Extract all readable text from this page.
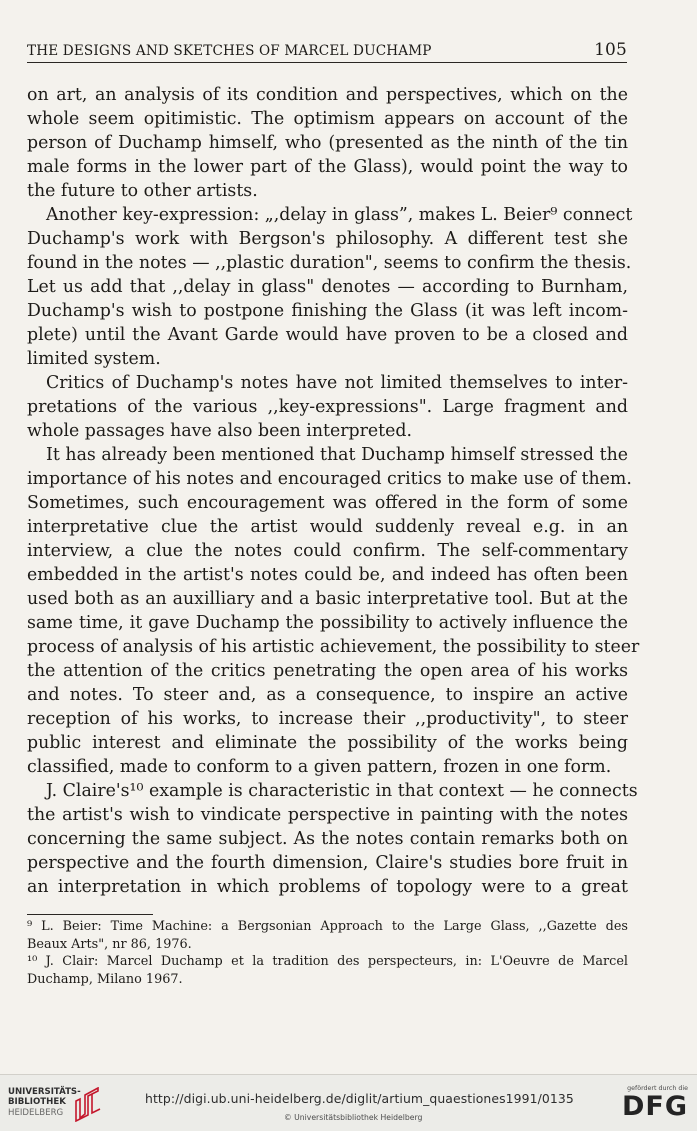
THE DESIGNS AND SKETCHES OF MARCEL DUCHAMP	105
on art, an analysis of its condition and perspectives, which on the
whole seem opitimistic. The optimism appears on account of the
person of Duchamp himself, who (presented as the ninth of the tin
male forms in the lower part of the Glass), would point the way to
the future to other artists.
Another key-expression: „,delay in glass”, makes L. Beier⁹ connect
Duchamp's work with Bergson's philosophy. A different test she
found in the notes — ,,plastic duration", seems to confirm the thesis.
Let us add that ,,delay in glass" denotes — according to Burnham,
Duchamp's wish to postpone finishing the Glass (it was left incom-
plete) until the Avant Garde would have proven to be a closed and
limited system.
Critics of Duchamp's notes have not limited themselves to inter-
pretations of the various ,,key-expressions". Large fragment and
whole passages have also been interpreted.
It has already been mentioned that Duchamp himself stressed the
importance of his notes and encouraged critics to make use of them.
Sometimes, such encouragement was offered in the form of some
interpretative clue the artist would suddenly reveal e.g. in an
interview, a clue the notes could confirm. The self-commentary
embedded in the artist's notes could be, and indeed has often been
used both as an auxilliary and a basic interpretative tool. But at the
same time, it gave Duchamp the possibility to actively influence the
process of analysis of his artistic achievement, the possibility to steer
the attention of the critics penetrating the open area of his works
and notes. To steer and, as a consequence, to inspire an active
reception of his works, to increase their ,,productivity", to steer
public interest and eliminate the possibility of the works being
classified, made to conform to a given pattern, frozen in one form.
J. Claire's¹⁰ example is characteristic in that context — he connects
the artist's wish to vindicate perspective in painting with the notes
concerning the same subject. As the notes contain remarks both on
perspective and the fourth dimension, Claire's studies bore fruit in
an interpretation in which problems of topology were to a great
⁹ L. Beier: Time Machine: a Bergsonian Approach to the Large Glass, ,,Gazette des
Beaux Arts", nr 86, 1976.
¹⁰ J. Clair: Marcel Duchamp et la tradition des perspecteurs, in: L'Oeuvre de Marcel
Duchamp, Milano 1967.
UNIVERSITÄTS-
BIBLIOTHEK
HEIDELBERG
http://digi.ub.uni-heidelberg.de/diglit/artium_quaestiones1991/0135
© Universitätsbibliothek Heidelberg
gefördert durch die
DFG
